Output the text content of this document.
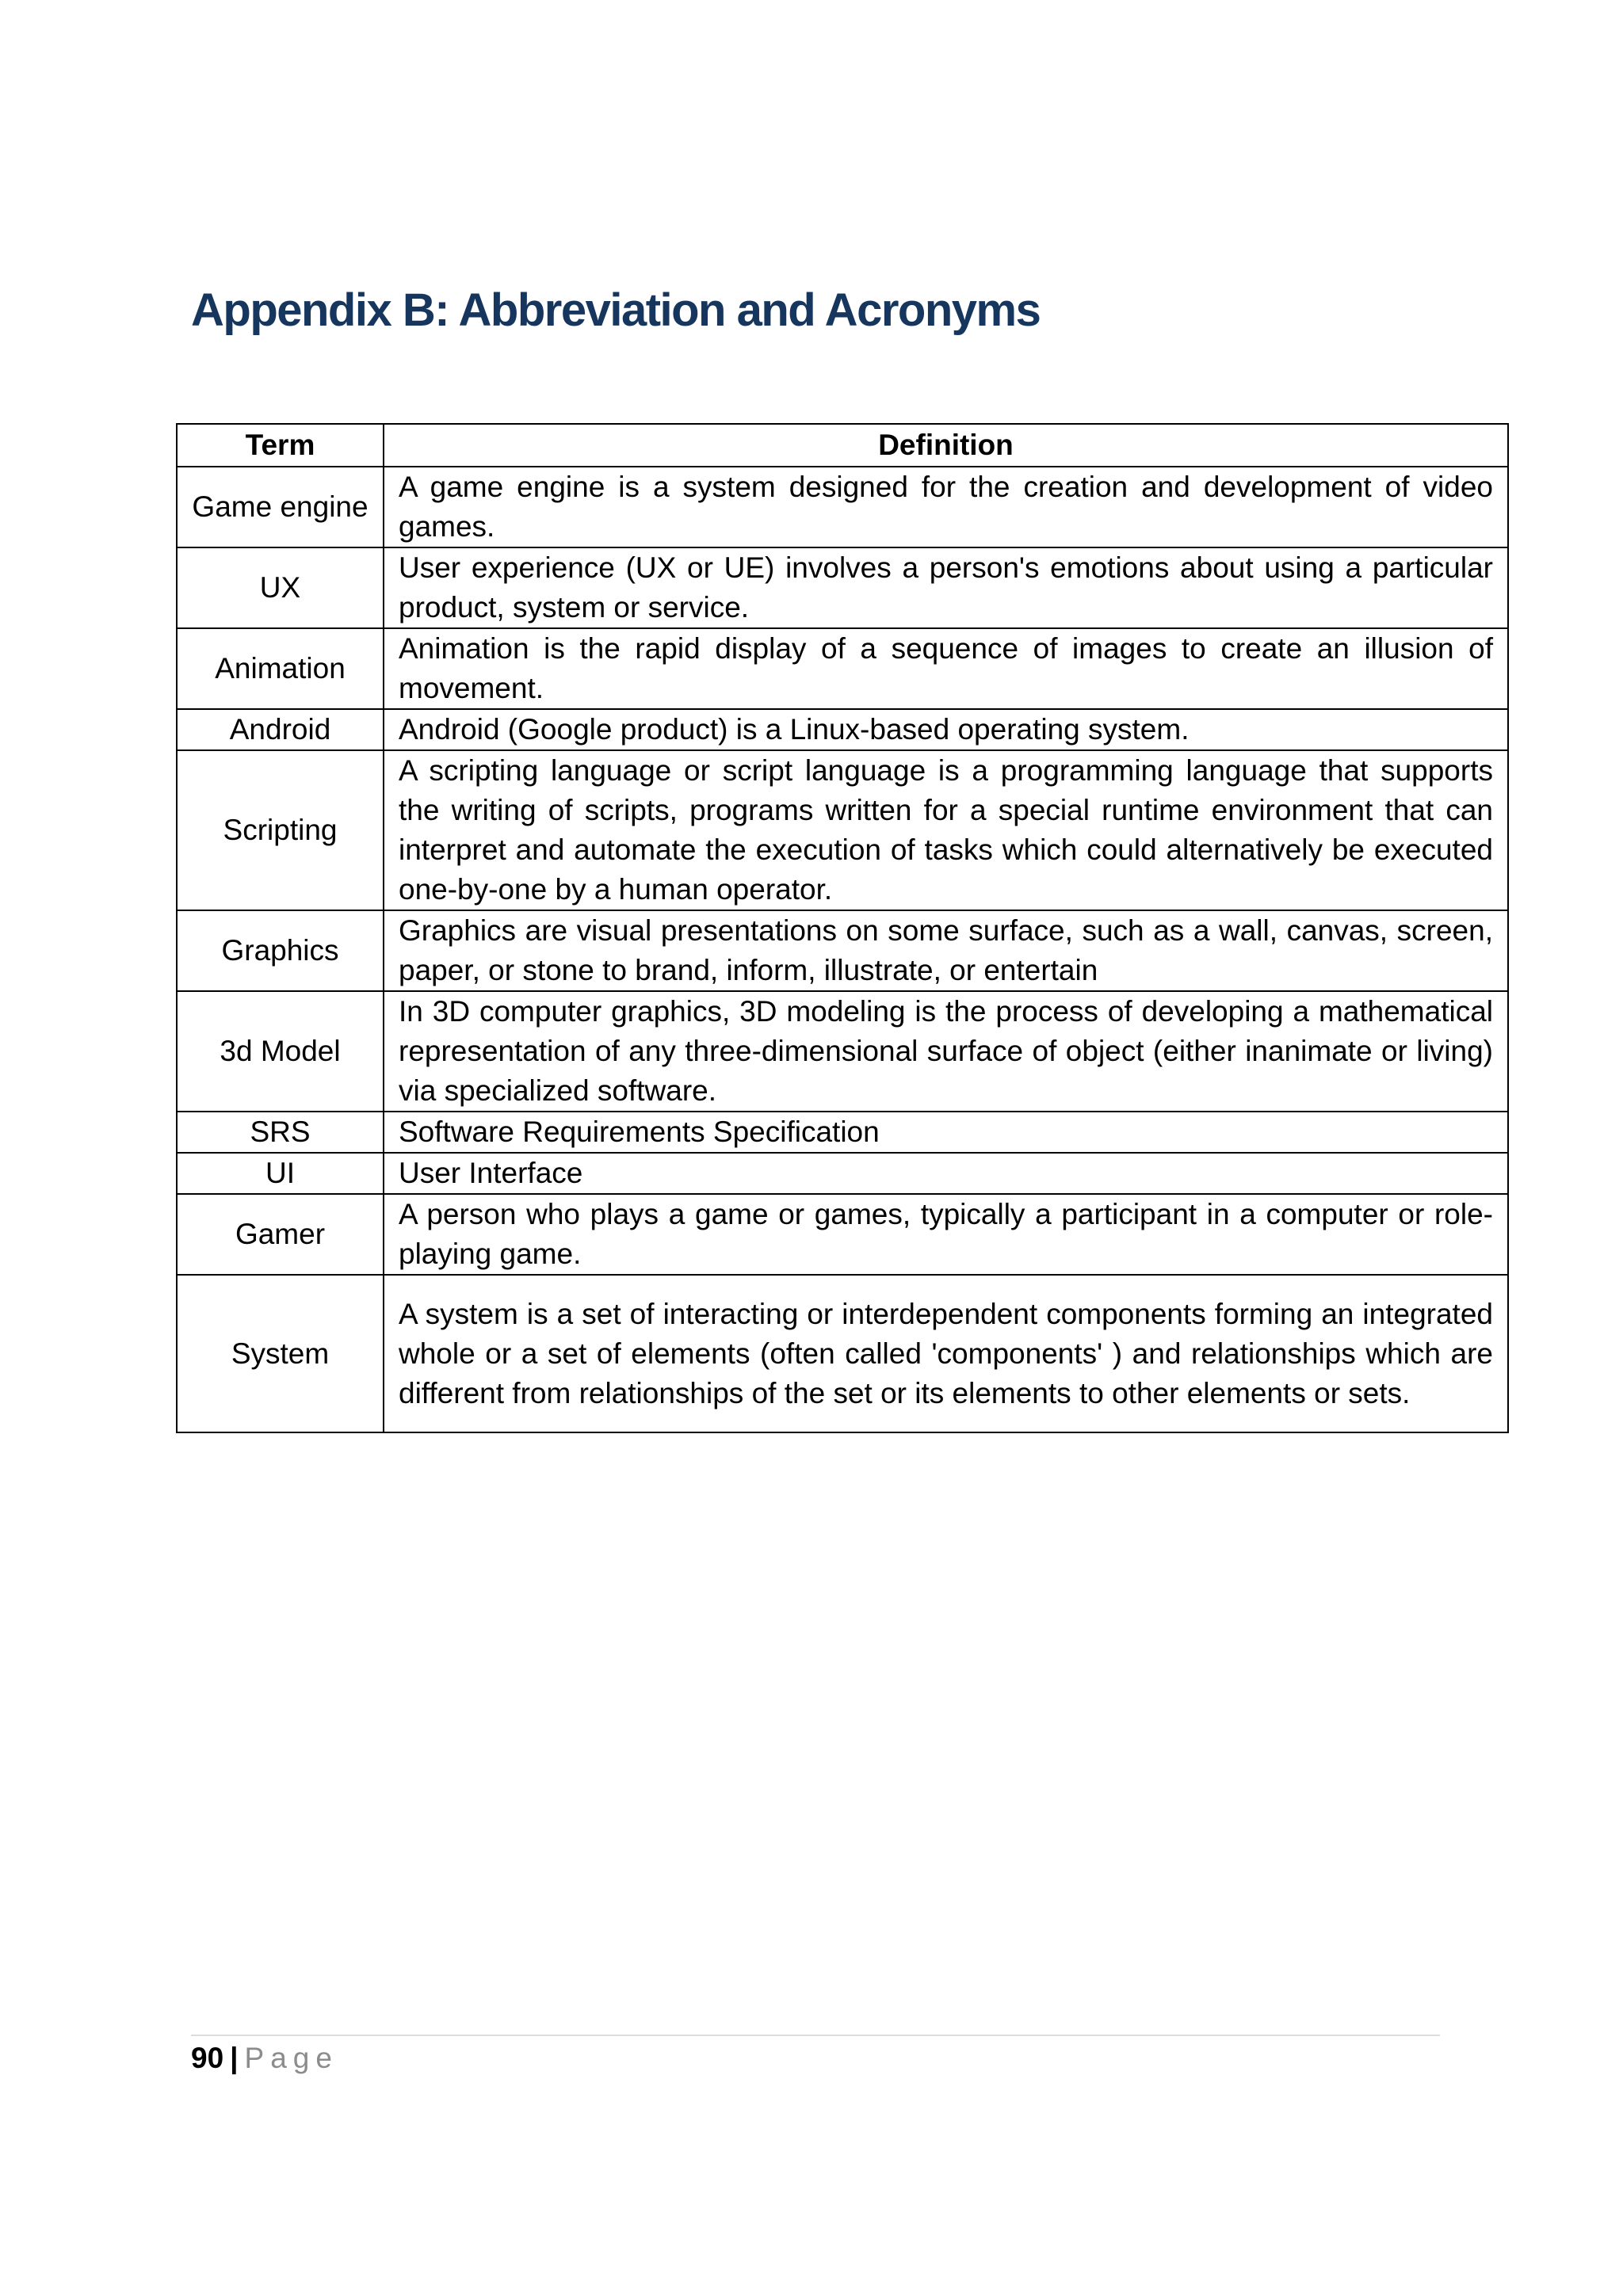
Appendix B: Abbreviation and Acronyms
Term	Definition
Game engine	A game engine is a system designed for the creation and development of video games.
UX	User experience (UX or UE) involves a person's emotions about using a particular product, system or service.
Animation	Animation is the rapid display of a sequence of images to create an illusion of movement.
Android	Android (Google product) is a Linux-based operating system.
Scripting	A scripting language or script language is a programming language that supports the writing of scripts, programs written for a special runtime environment that can interpret and automate the execution of tasks which could alternatively be executed one-by-one by a human operator.
Graphics	Graphics are visual presentations on some surface, such as a wall, canvas, screen, paper, or stone to brand, inform, illustrate, or entertain
3d Model	In 3D computer graphics, 3D modeling is the process of developing a mathematical representation of any three-dimensional surface of object (either inanimate or living) via specialized software.
SRS	Software Requirements Specification
UI	User Interface
Gamer	A person who plays a game or games, typically a participant in a computer or role-playing game.
System	A system is a set of interacting or interdependent components forming an integrated whole or a set of elements (often called 'components' ) and relationships which are different from relationships of the set or its elements to other elements or sets.
90 | Page
